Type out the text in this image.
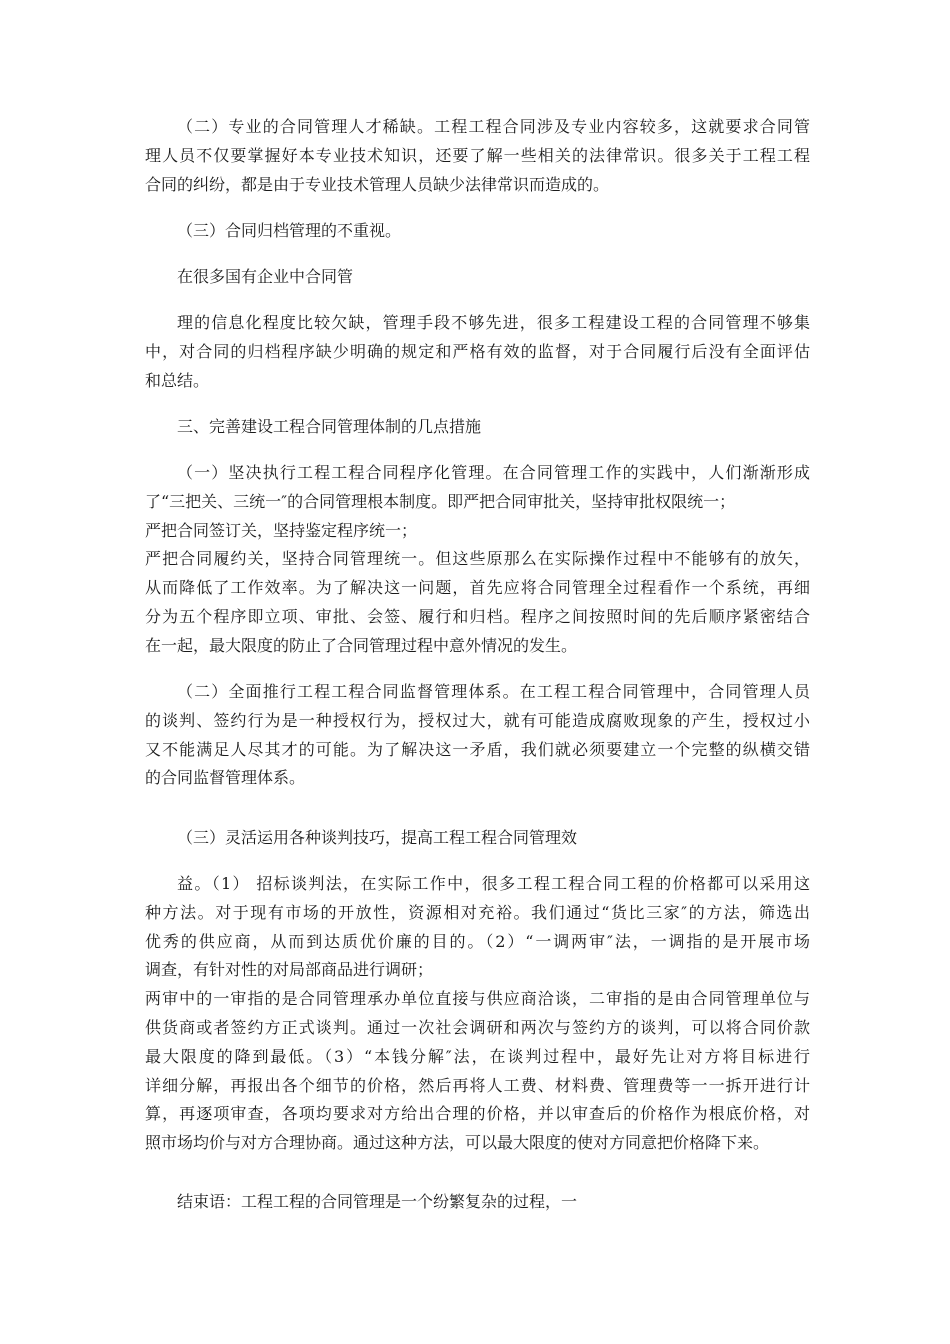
（二）专业的合同管理人才稀缺。工程工程合同涉及专业内容较多，这就要求合同管
理人员不仅要掌握好本专业技术知识，还要了解一些相关的法律常识。很多关于工程工程
合同的纠纷，都是由于专业技术管理人员缺少法律常识而造成的。
（三）合同归档管理的不重视。
在很多国有企业中合同管
理的信息化程度比较欠缺，管理手段不够先进，很多工程建设工程的合同管理不够集
中，对合同的归档程序缺少明确的规定和严格有效的监督，对于合同履行后没有全面评估
和总结。
三、完善建设工程合同管理体制的几点措施
（一）坚决执行工程工程合同程序化管理。在合同管理工作的实践中，人们渐渐形成
了“三把关、三统一″的合同管理根本制度。即严把合同审批关，坚持审批权限统一；
严把合同签订关，坚持鉴定程序统一；
严把合同履约关，坚持合同管理统一。但这些原那么在实际操作过程中不能够有的放矢，
从而降低了工作效率。为了解决这一问题，首先应将合同管理全过程看作一个系统，再细
分为五个程序即立项、审批、会签、履行和归档。程序之间按照时间的先后顺序紧密结合
在一起，最大限度的防止了合同管理过程中意外情况的发生。
（二）全面推行工程工程合同监督管理体系。在工程工程合同管理中，合同管理人员
的谈判、签约行为是一种授权行为，授权过大，就有可能造成腐败现象的产生，授权过小
又不能满足人尽其才的可能。为了解决这一矛盾，我们就必须要建立一个完整的纵横交错
的合同监督管理体系。
（三）灵活运用各种谈判技巧，提高工程工程合同管理效
益。（1） 招标谈判法，在实际工作中，很多工程工程合同工程的价格都可以采用这
种方法。对于现有市场的开放性，资源相对充裕。我们通过“货比三家″的方法，筛选出
优秀的供应商，从而到达质优价廉的目的。（2）“一调两审″法，一调指的是开展市场
调查，有针对性的对局部商品进行调研；
两审中的一审指的是合同管理承办单位直接与供应商洽谈，二审指的是由合同管理单位与
供货商或者签约方正式谈判。通过一次社会调研和两次与签约方的谈判，可以将合同价款
最大限度的降到最低。（3）“本钱分解″法，在谈判过程中，最好先让对方将目标进行
详细分解，再报出各个细节的价格，然后再将人工费、材料费、管理费等一一拆开进行计
算，再逐项审查，各项均要求对方给出合理的价格，并以审查后的价格作为根底价格，对
照市场均价与对方合理协商。通过这种方法，可以最大限度的使对方同意把价格降下来。
结束语：工程工程的合同管理是一个纷繁复杂的过程，一
